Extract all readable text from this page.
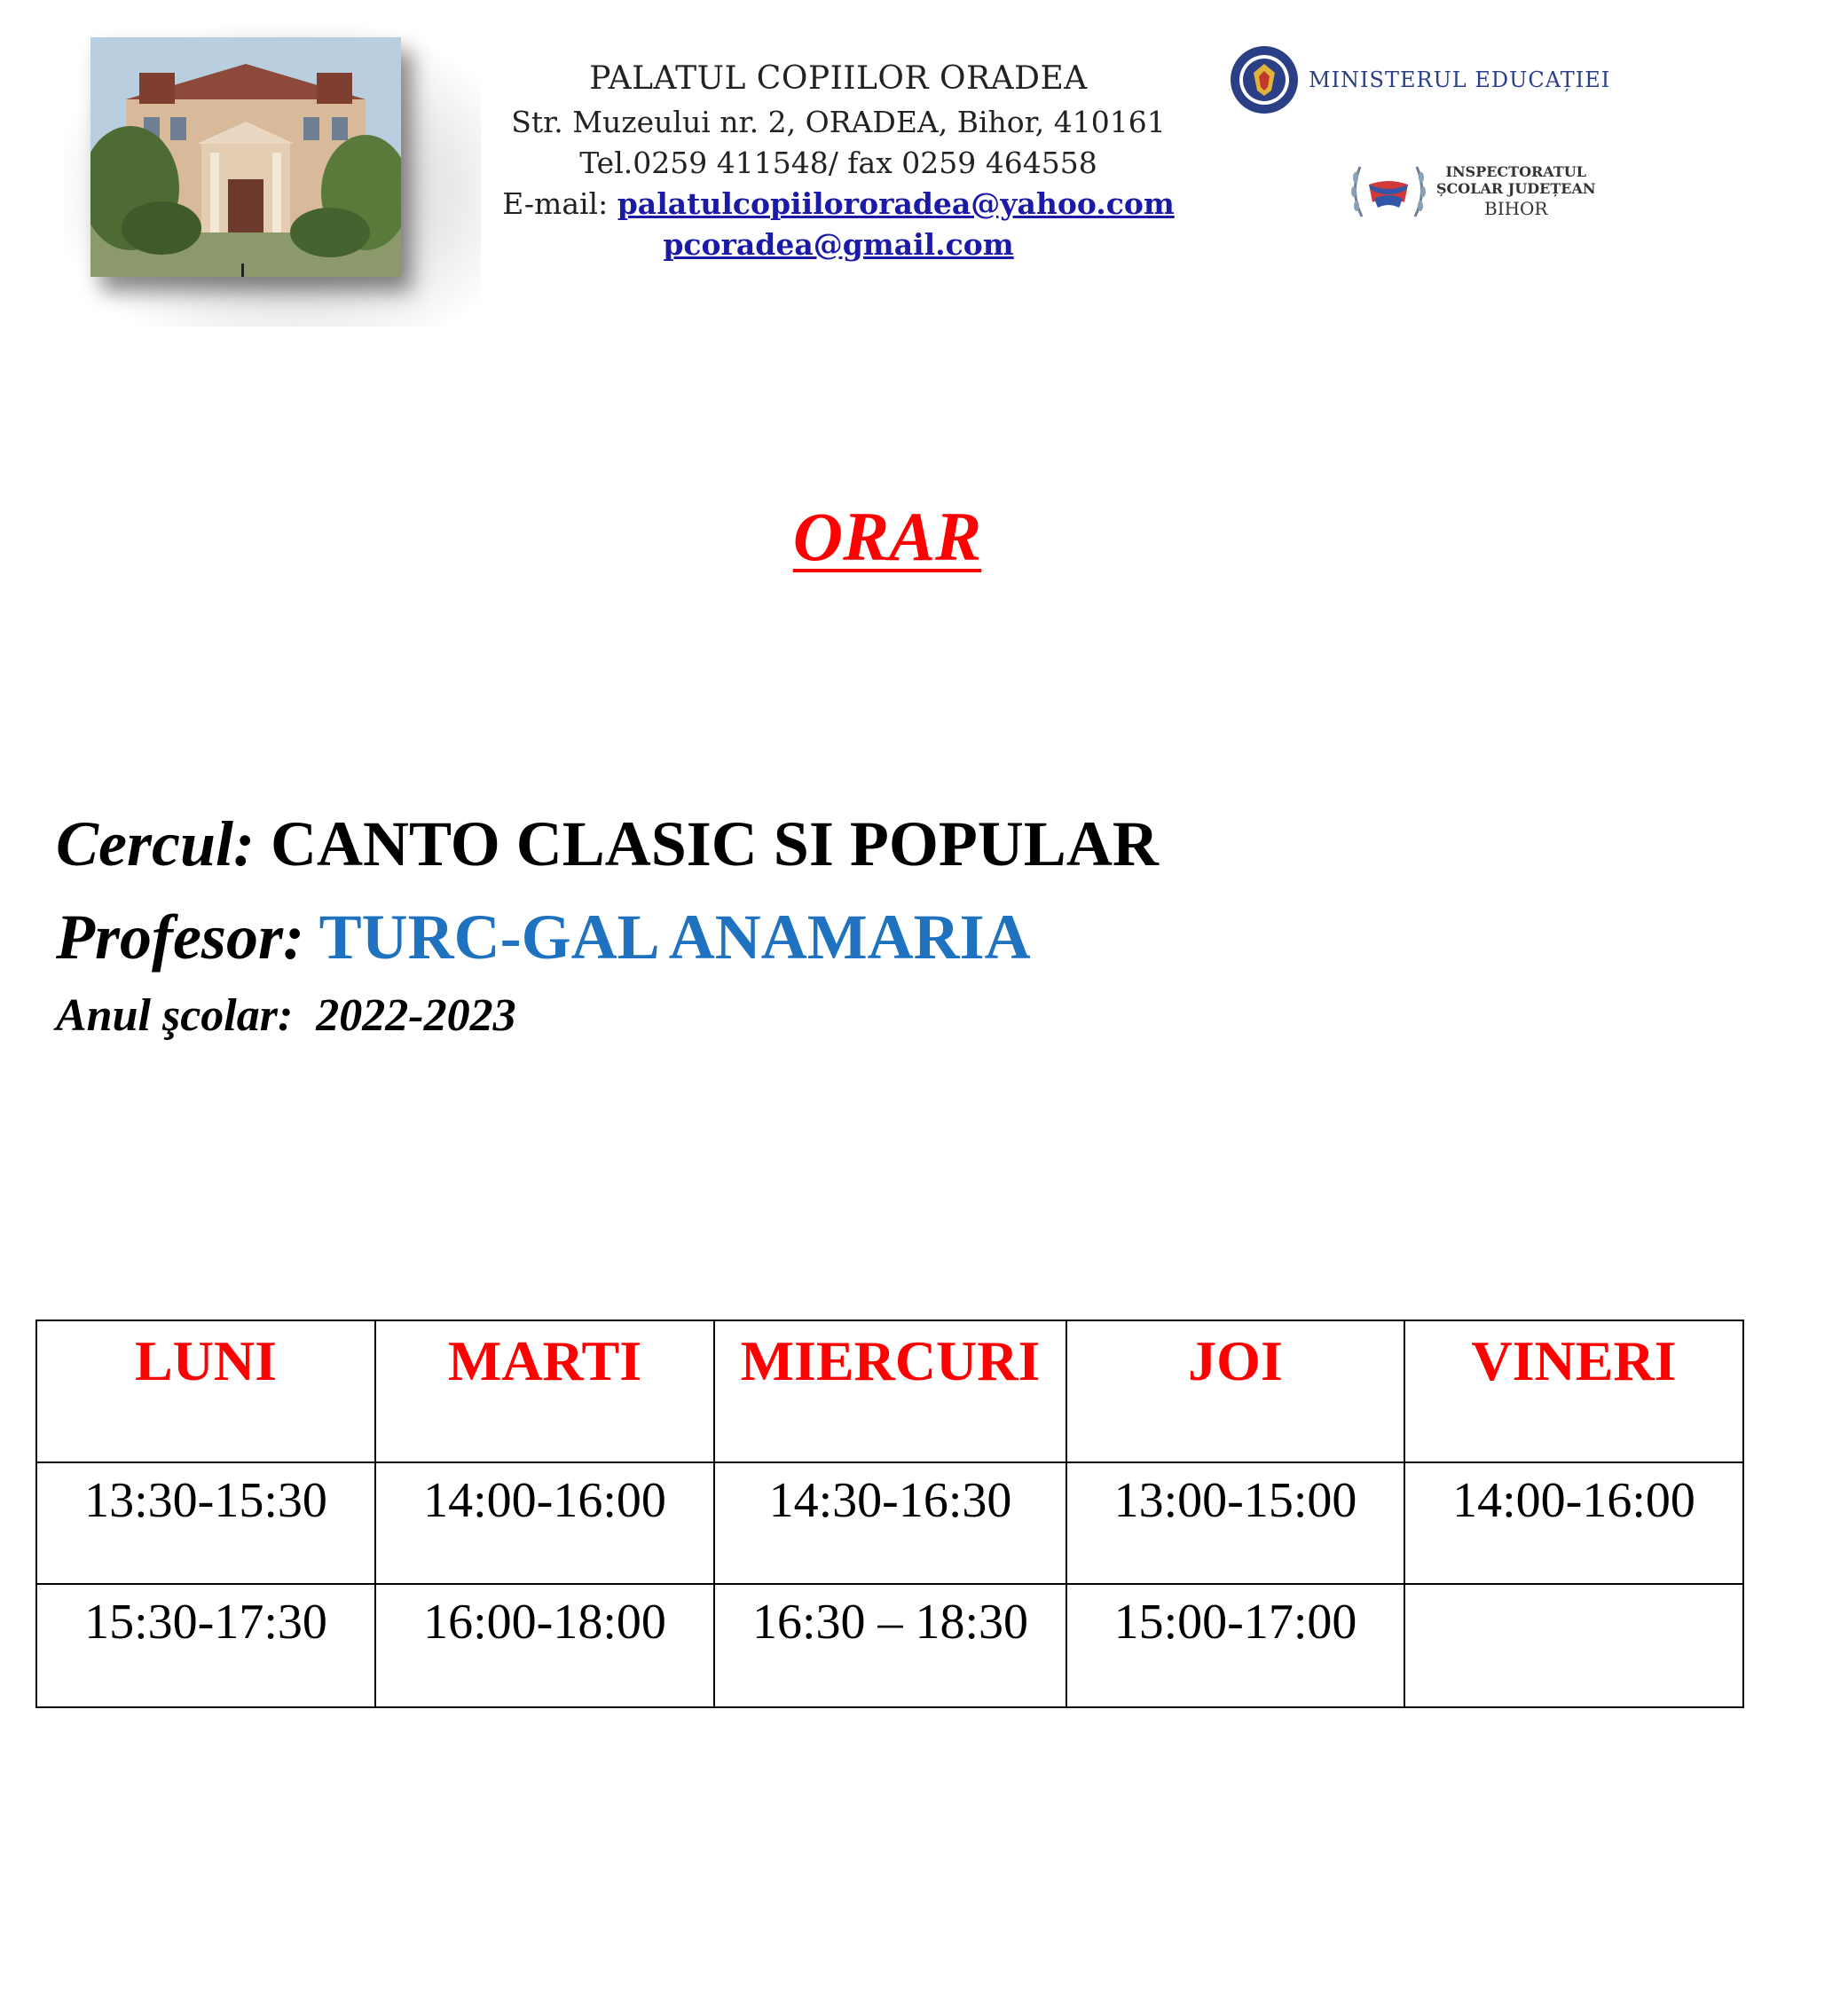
PALATUL COPIILOR ORADEA
Str. Muzeului nr. 2, ORADEA, Bihor, 410161
Tel.0259 411548/ fax 0259 464558
E-mail: palatulcopiilororadea@yahoo.com
pcoradea@gmail.com
MINISTERUL EDUCAȚIEI
INSPECTORATUL
ȘCOLAR JUDEȚEAN
BIHOR
ORAR
Cercul: CANTO CLASIC SI POPULAR
Profesor: TURC-GAL ANAMARIA
Anul şcolar: 2022-2023
LUNI	MARTI	MIERCURI	JOI	VINERI
13:30-15:30	14:00-16:00	14:30-16:30	13:00-15:00	14:00-16:00
15:30-17:30	16:00-18:00	16:30 – 18:30	15:00-17:00	
